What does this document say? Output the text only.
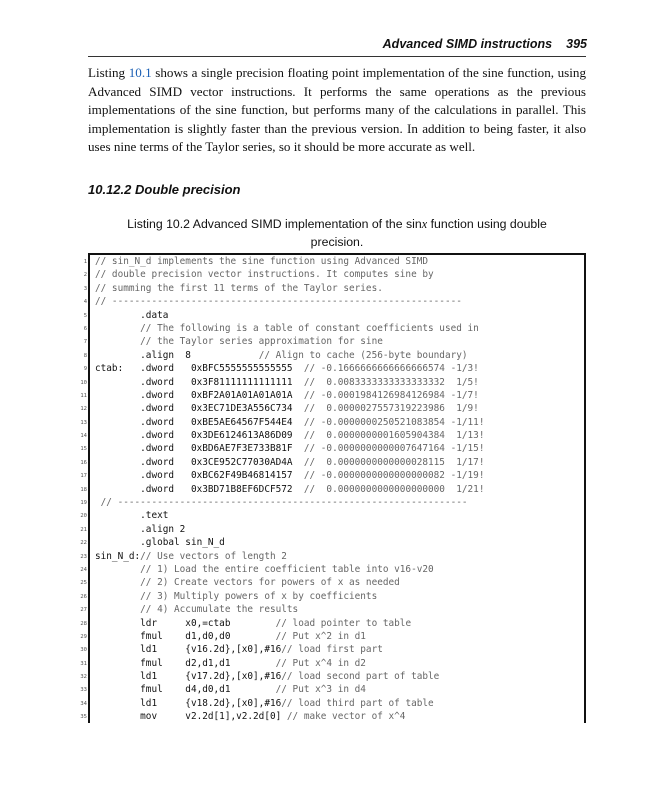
Advanced SIMD instructions 395
Listing 10.1 shows a single precision floating point implementation of the sine function, using Advanced SIMD vector instructions. It performs the same operations as the previous implementations of the sine function, but performs many of the calculations in parallel. This implementation is slightly faster than the previous version. In addition to being faster, it also uses nine terms of the Taylor series, so it should be more accurate as well.
10.12.2 Double precision
Listing 10.2 Advanced SIMD implementation of the sinx function using double precision.
1 // sin_N_d implements the sine function using Advanced SIMD
2 // double precision vector instructions. It computes sine by
3 // summing the first 11 terms of the Taylor series.
4 // --------------------------------------------------------------
5 .data
6	// The following is a table of constant coefficients used in
7	// the Taylor series approximation for sine
8 .align  8            // Align to cache (256-byte boundary)
9 ctab:   .dword   0xBFC5555555555555  // -0.1666666666666666574 -1/3!
10 .dword   0x3F81111111111111  //  0.0083333333333333332  1/5!
11 .dword   0xBF2A01A01A01A01A  // -0.0001984126984126984 -1/7!
12 .dword   0x3EC71DE3A556C734  //  0.0000027557319223986  1/9!
13 .dword   0xBE5AE64567F544E4  // -0.0000000250521083854 -1/11!
14 .dword   0x3DE6124613A86D09  //  0.0000000001605904384  1/13!
15 .dword   0xBD6AE7F3E733B81F  // -0.0000000000007647164 -1/15!
16 .dword   0x3CE952C77030AD4A  //  0.0000000000000028115  1/17!
17 .dword   0xBC62F49B46814157  // -0.0000000000000000082 -1/19!
18 .dword   0x3BD71B8EF6DCF572  //  0.0000000000000000000  1/21!
19	// --------------------------------------------------------------
20 .text
21 .align 2
22 .global sin_N_d
23 sin_N_d:// Use vectors of length 2
24	// 1) Load the entire coefficient table into v16-v20
25	// 2) Create vectors for powers of x as needed
26	// 3) Multiply powers of x by coefficients
27	// 4) Accumulate the results
28 ldr     x0,=ctab        // load pointer to table
29 fmul    d1,d0,d0        // Put x^2 in d1
30 ld1     {v16.2d},[x0],#16// load first part
31 fmul    d2,d1,d1        // Put x^4 in d2
32 ld1     {v17.2d},[x0],#16// load second part of table
33 fmul    d4,d0,d1        // Put x^3 in d4
34 ld1     {v18.2d},[x0],#16// load third part of table
35 mov     v2.2d[1],v2.2d[0] // make vector of x^4
